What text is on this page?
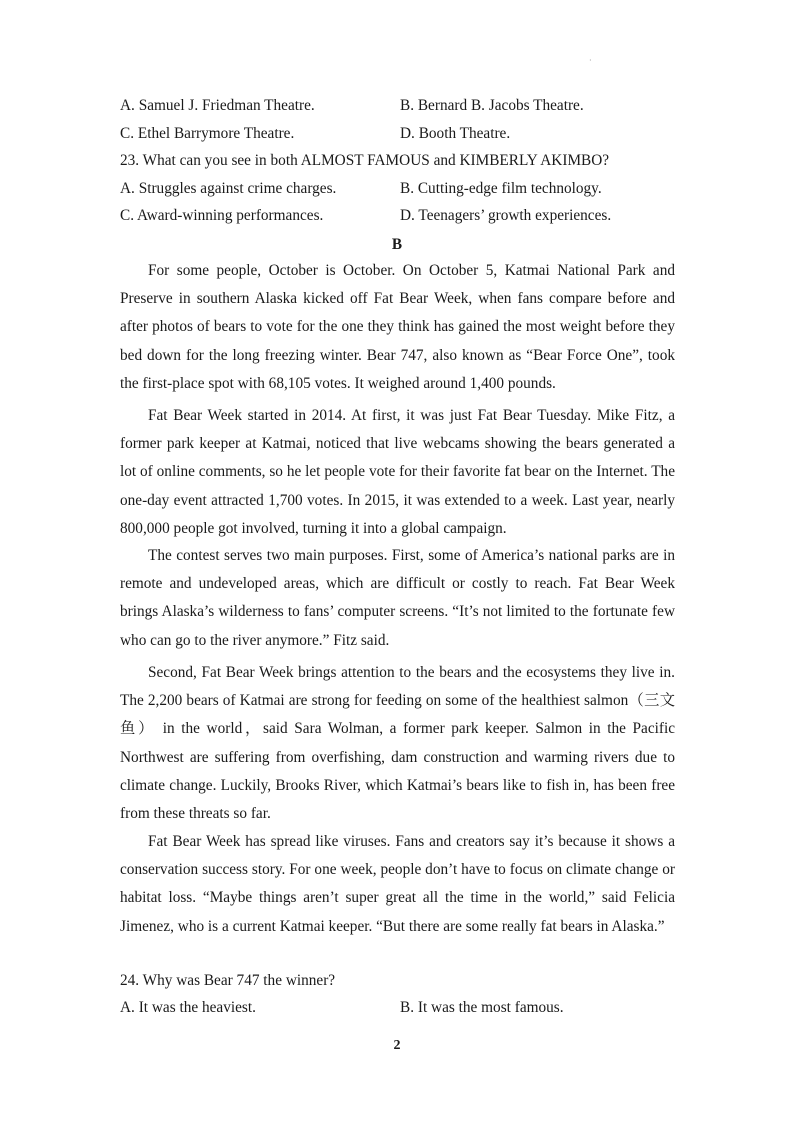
·
A. Samuel J. Friedman Theatre.	B. Bernard B. Jacobs Theatre.
C. Ethel Barrymore Theatre.	D. Booth Theatre.
23. What can you see in both ALMOST FAMOUS and KIMBERLY AKIMBO?
A. Struggles against crime charges.	B. Cutting-edge film technology.
C. Award-winning performances.	D. Teenagers’ growth experiences.
B

For some people, October is October. On October 5, Katmai National Park and Preserve in southern Alaska kicked off Fat Bear Week, when fans compare before and after photos of bears to vote for the one they think has gained the most weight before they bed down for the long freezing winter. Bear 747, also known as “Bear Force One”, took the first-place spot with 68,105 votes. It weighed around 1,400 pounds.

Fat Bear Week started in 2014. At first, it was just Fat Bear Tuesday. Mike Fitz, a former park keeper at Katmai, noticed that live webcams showing the bears generated a lot of online comments, so he let people vote for their favorite fat bear on the Internet. The one-day event attracted 1,700 votes. In 2015, it was extended to a week. Last year, nearly 800,000 people got involved, turning it into a global campaign.

The contest serves two main purposes. First, some of America’s national parks are in remote and undeveloped areas, which are difficult or costly to reach. Fat Bear Week brings Alaska’s wilderness to fans’ computer screens. “It’s not limited to the fortunate few who can go to the river anymore.” Fitz said.

Second, Fat Bear Week brings attention to the bears and the ecosystems they live in. The 2,200 bears of Katmai are strong for feeding on some of the healthiest salmon（三文鱼） in the world，said Sara Wolman, a former park keeper. Salmon in the Pacific Northwest are suffering from overfishing, dam construction and warming rivers due to climate change. Luckily, Brooks River, which Katmai’s bears like to fish in, has been free from these threats so far.

Fat Bear Week has spread like viruses. Fans and creators say it’s because it shows a conservation success story. For one week, people don’t have to focus on climate change or habitat loss. “Maybe things aren’t super great all the time in the world,” said Felicia Jimenez, who is a current Katmai keeper. “But there are some really fat bears in Alaska.”

24. Why was Bear 747 the winner?
A. It was the heaviest.	B. It was the most famous.
2
